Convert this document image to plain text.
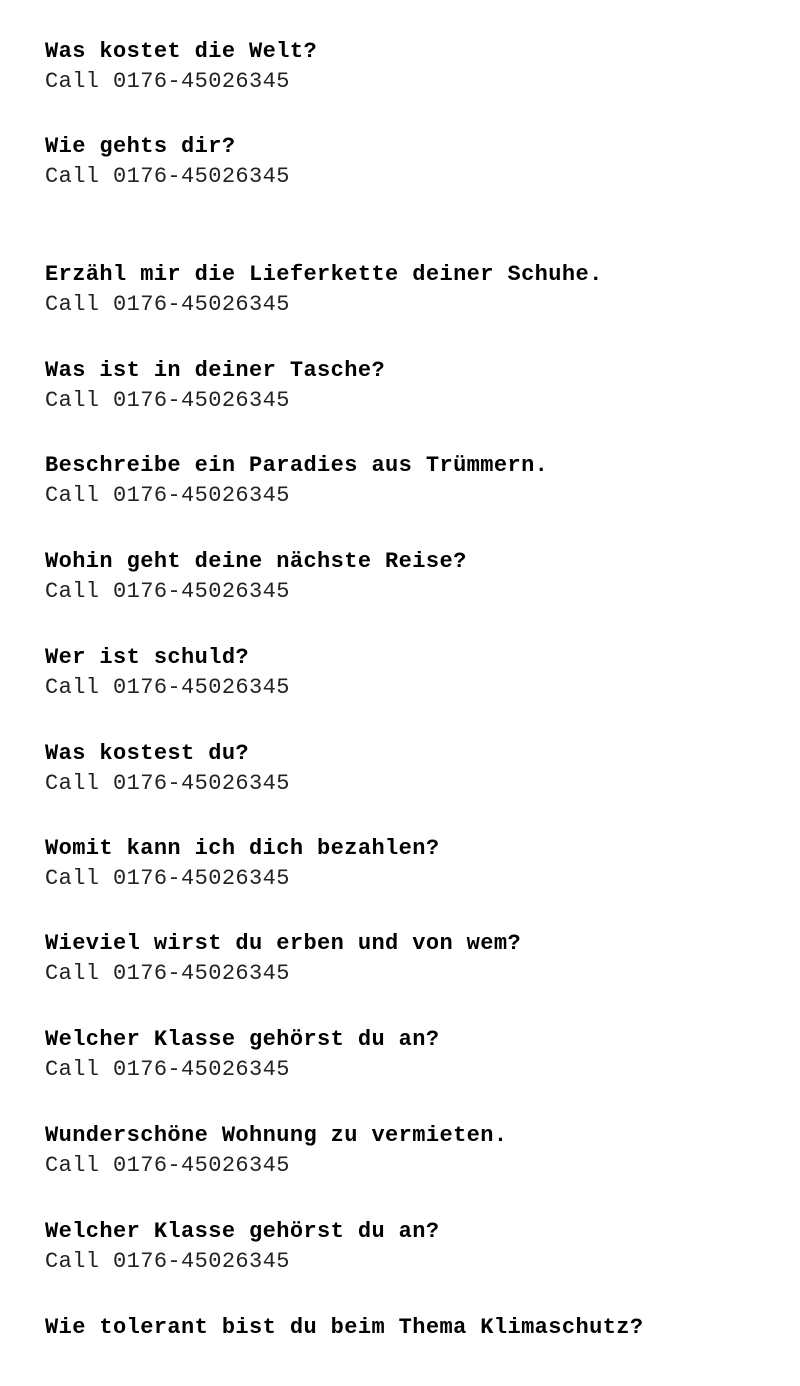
Was kostet die Welt?
Call 0176-45026345
Wie gehts dir?
Call 0176-45026345
Erzähl mir die Lieferkette deiner Schuhe.
Call 0176-45026345
Was ist in deiner Tasche?
Call 0176-45026345
Beschreibe ein Paradies aus Trümmern.
Call 0176-45026345
Wohin geht deine nächste Reise?
Call 0176-45026345
Wer ist schuld?
Call 0176-45026345
Was kostest du?
Call 0176-45026345
Womit kann ich dich bezahlen?
Call 0176-45026345
Wieviel wirst du erben und von wem?
Call 0176-45026345
Welcher Klasse gehörst du an?
Call 0176-45026345
Wunderschöne Wohnung zu vermieten.
Call 0176-45026345
Welcher Klasse gehörst du an?
Call 0176-45026345
Wie tolerant bist du beim Thema Klimaschutz?
